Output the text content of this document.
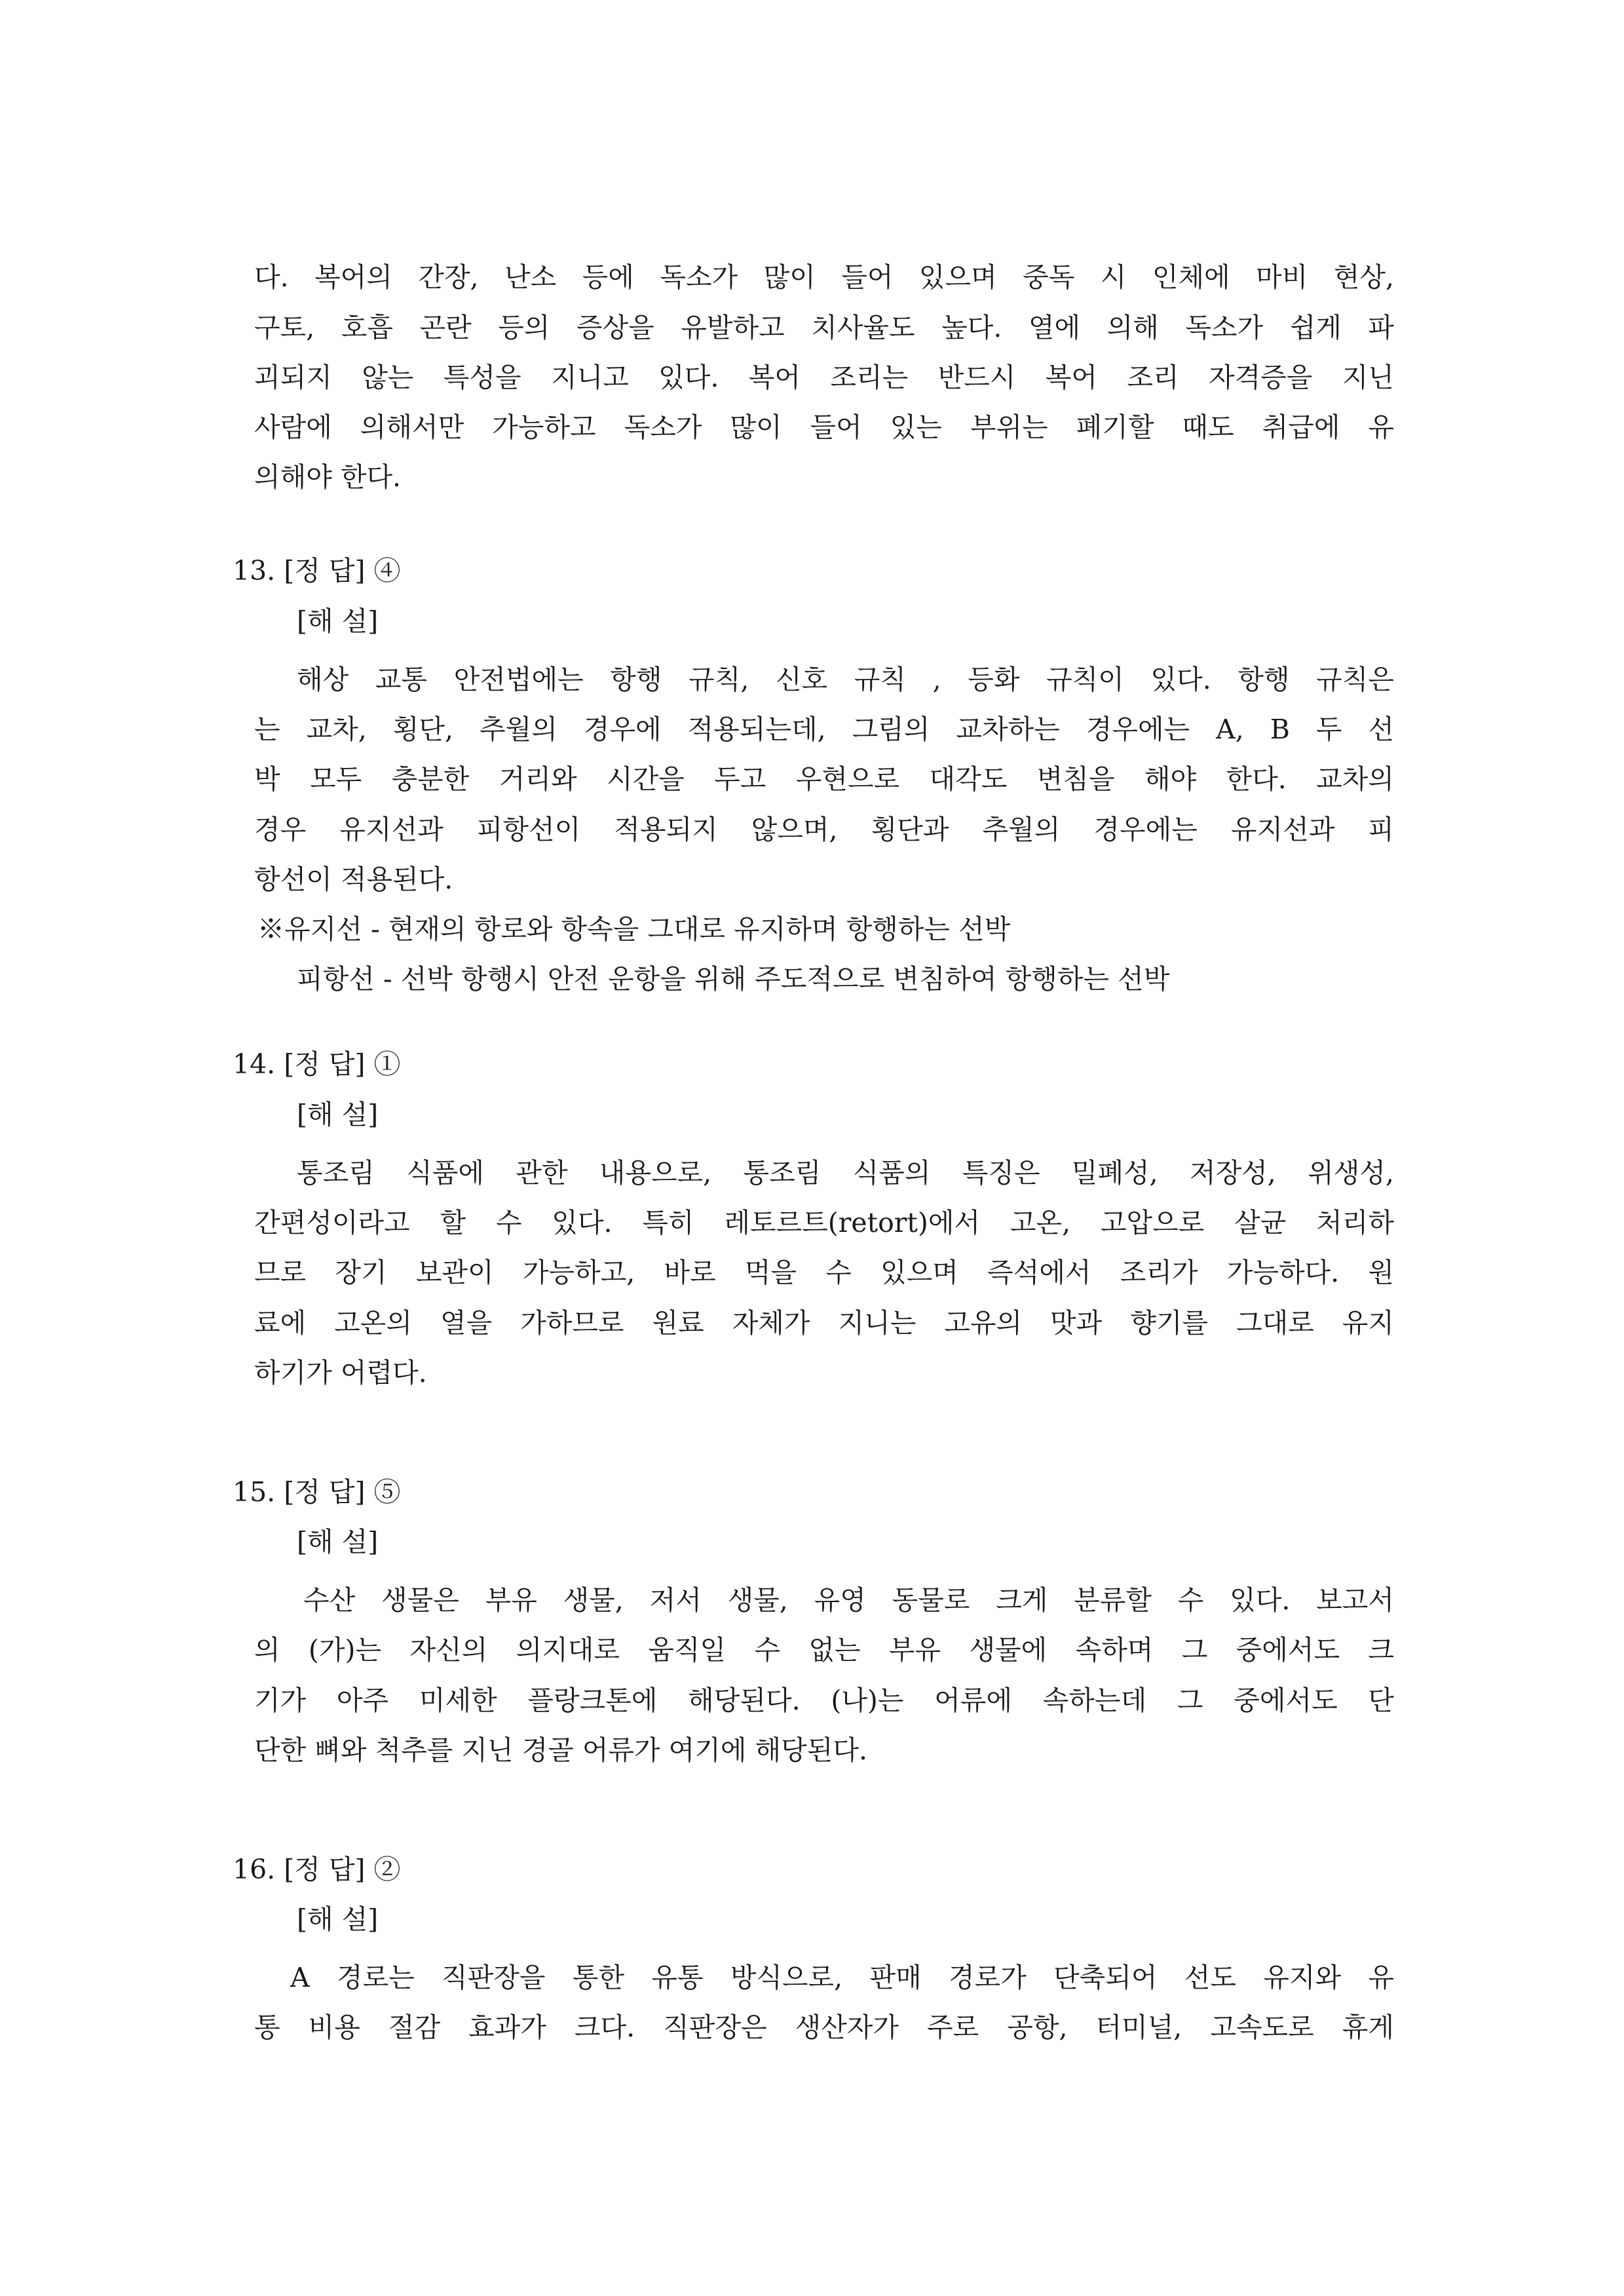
다. 복어의 간장, 난소 등에 독소가 많이 들어 있으며 중독 시 인체에 마비 현상,
구토, 호흡 곤란 등의 증상을 유발하고 치사율도 높다. 열에 의해 독소가 쉽게 파
괴되지 않는 특성을 지니고 있다. 복어 조리는 반드시 복어 조리 자격증을 지닌
사람에 의해서만 가능하고 독소가 많이 들어 있는 부위는 폐기할 때도 취급에 유
의해야 한다.
13. [정 답] ④
[해 설]
해상 교통 안전법에는 항행 규칙, 신호 규칙 , 등화 규칙이 있다. 항행 규칙은
는 교차, 횡단, 추월의 경우에 적용되는데, 그림의 교차하는 경우에는 A, B 두 선
박 모두 충분한 거리와 시간을 두고 우현으로 대각도 변침을 해야 한다. 교차의
경우 유지선과 피항선이 적용되지 않으며, 횡단과 추월의 경우에는 유지선과 피
항선이 적용된다.
※유지선 - 현재의 항로와 항속을 그대로 유지하며 항행하는 선박
피항선 - 선박 항행시 안전 운항을 위해 주도적으로 변침하여 항행하는 선박
14. [정 답] ①
[해 설]
통조림 식품에 관한 내용으로, 통조림 식품의 특징은 밀폐성, 저장성, 위생성,
간편성이라고 할 수 있다. 특히 레토르트(retort)에서 고온, 고압으로 살균 처리하
므로 장기 보관이 가능하고, 바로 먹을 수 있으며 즉석에서 조리가 가능하다. 원
료에 고온의 열을 가하므로 원료 자체가 지니는 고유의 맛과 향기를 그대로 유지
하기가 어렵다.
15. [정 답] ⑤
[해 설]
수산 생물은 부유 생물, 저서 생물, 유영 동물로 크게 분류할 수 있다. 보고서
의 (가)는 자신의 의지대로 움직일 수 없는 부유 생물에 속하며 그 중에서도 크
기가 아주 미세한 플랑크톤에 해당된다. (나)는 어류에 속하는데 그 중에서도 단
단한 뼈와 척추를 지닌 경골 어류가 여기에 해당된다.
16. [정 답] ②
[해 설]
A 경로는 직판장을 통한 유통 방식으로, 판매 경로가 단축되어 선도 유지와 유
통 비용 절감 효과가 크다. 직판장은 생산자가 주로 공항, 터미널, 고속도로 휴게
